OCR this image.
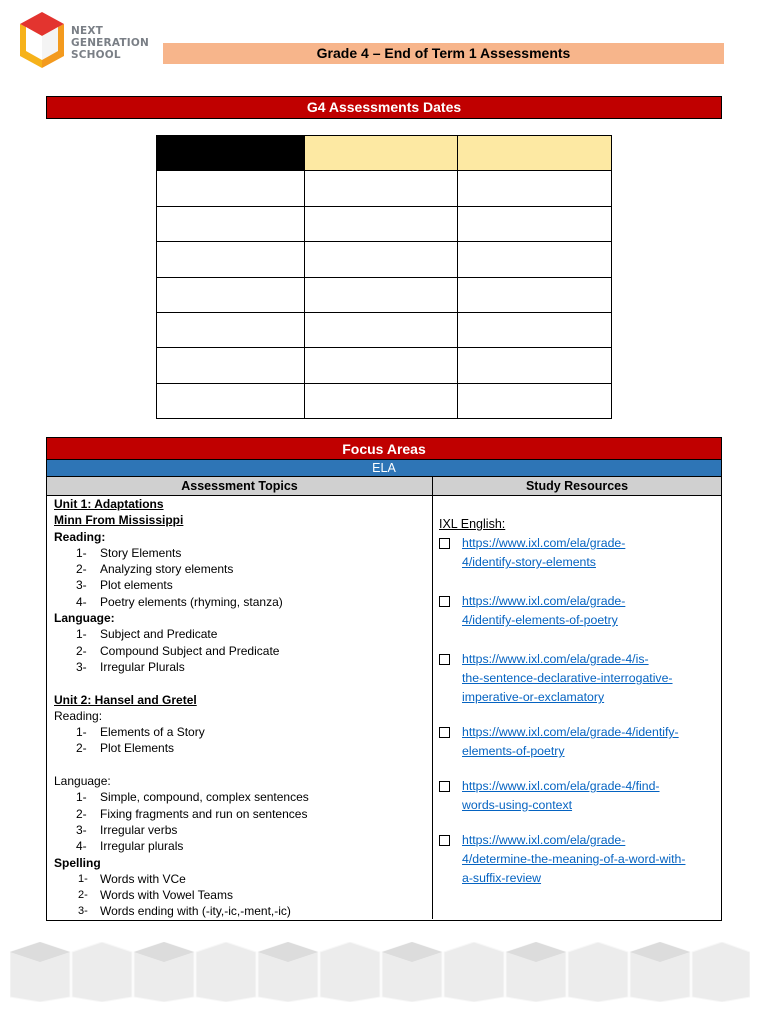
NEXT
GENERATION
SCHOOL	Grade 4 – End of Term 1 Assessments
G4 Assessments Dates

Focus Areas
ELA
Assessment Topics	Study Resources
Unit 1: Adaptations
Minn From Mississippi
Reading:
1-	Story Elements
2-	Analyzing story elements
3-	Plot elements
4-	Poetry elements (rhyming, stanza)
Language:
1-	Subject and Predicate
2-	Compound Subject and Predicate
3-	Irregular Plurals
Unit 2: Hansel and Gretel
Reading:
1-	Elements of a Story
2-	Plot Elements
Language:
1-	Simple, compound, complex sentences
2-	Fixing fragments and run on sentences
3-	Irregular verbs
4-	Irregular plurals
Spelling
1-	Words with VCe
2-	Words with Vowel Teams
3-	Words ending with (-ity,-ic,-ment,-ic)
IXL English:
https://www.ixl.com/ela/grade-
4/identify-story-elements
https://www.ixl.com/ela/grade-
4/identify-elements-of-poetry
https://www.ixl.com/ela/grade-4/is-
the-sentence-declarative-interrogative-
imperative-or-exclamatory
https://www.ixl.com/ela/grade-4/identify-
elements-of-poetry
https://www.ixl.com/ela/grade-4/find-
words-using-context
https://www.ixl.com/ela/grade-
4/determine-the-meaning-of-a-word-with-
a-suffix-review
